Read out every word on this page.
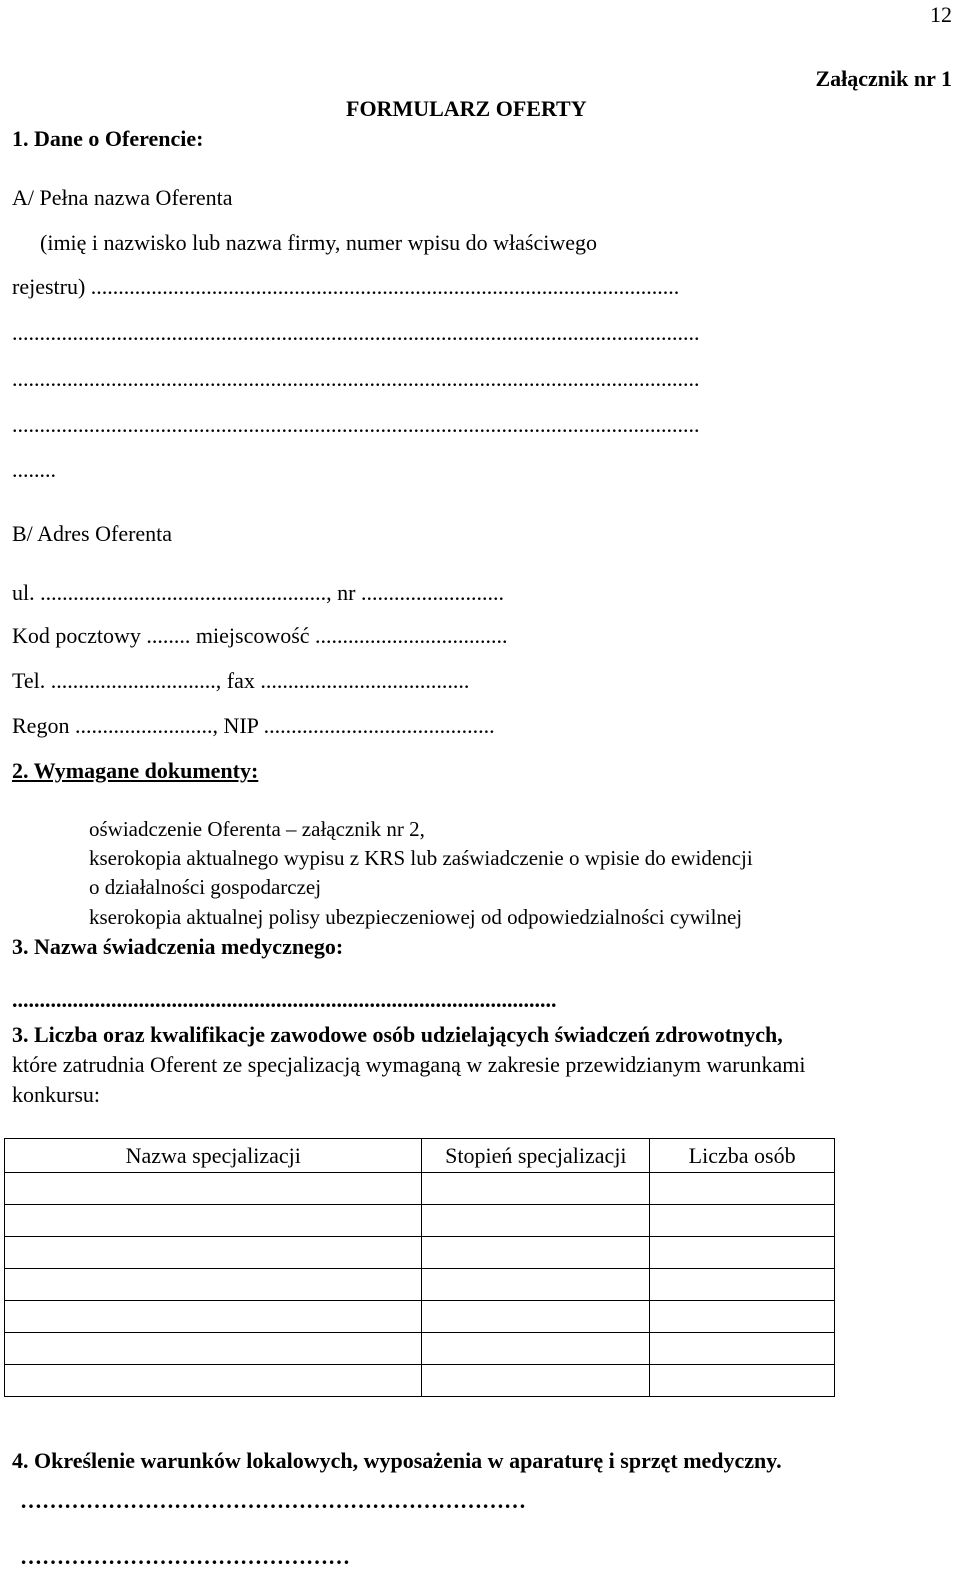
12
Załącznik nr 1
FORMULARZ OFERTY
1. Dane o Oferencie:
A/ Pełna nazwa Oferenta
(imię i nazwisko lub nazwa firmy, numer wpisu do właściwego
rejestru) ...........................................................................................................
.............................................................................................................................
.............................................................................................................................
.............................................................................................................................
........
B/ Adres Oferenta
ul. ...................................................., nr ..........................
Kod pocztowy ........ miejscowość ...................................
Tel. .............................., fax ......................................
Regon ........................., NIP ..........................................
2. Wymagane dokumenty:
oświadczenie Oferenta – załącznik nr 2,
kserokopia aktualnego wypisu z KRS lub zaświadczenie o wpisie do ewidencji
o działalności gospodarczej
kserokopia aktualnej polisy ubezpieczeniowej od odpowiedzialności cywilnej
3. Nazwa świadczenia medycznego:
...................................................................................................
3. Liczba oraz kwalifikacje zawodowe osób udzielających świadczeń zdrowotnych,
które zatrudnia Oferent ze specjalizacją wymaganą w zakresie przewidzianym warunkami
konkursu:
Nazwa specjalizacji	Stopień specjalizacji	Liczba osób

4. Określenie warunków lokalowych, wyposażenia w aparaturę i sprzęt medyczny.
……………………………………………………………
………………………………………
